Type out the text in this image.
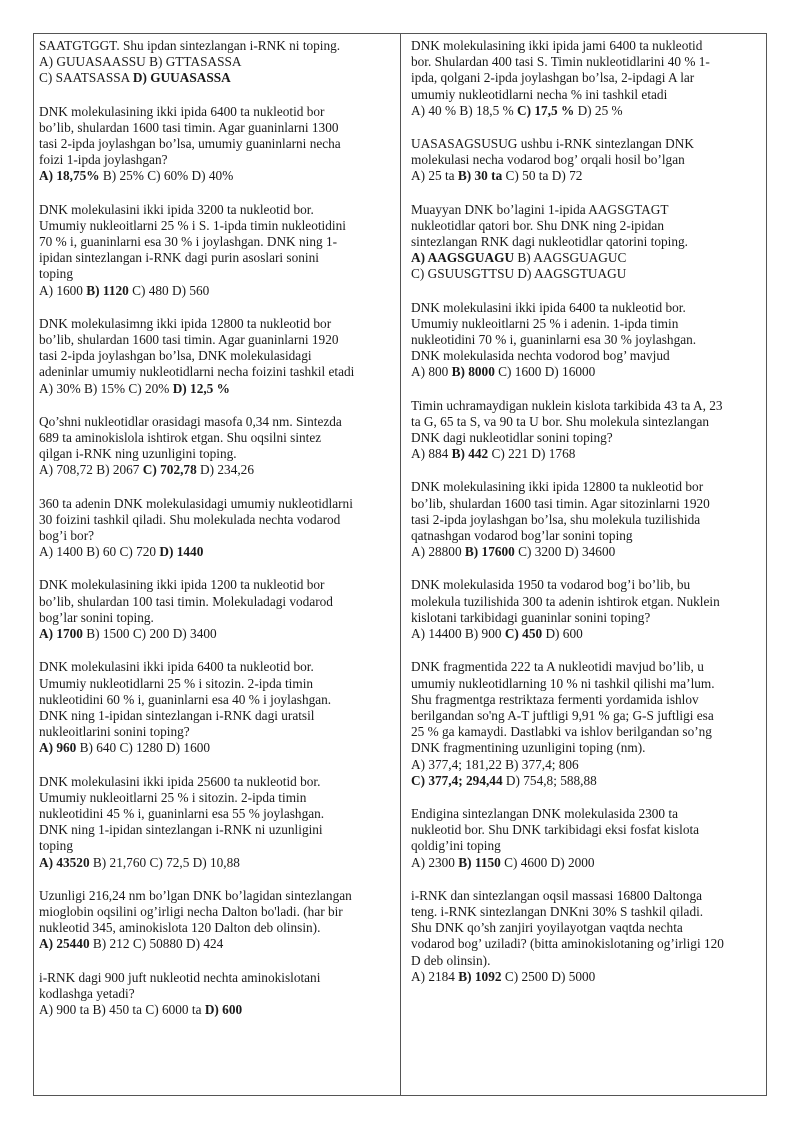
SAATGTGGT. Shu ipdan sintezlangan i-RNK ni toping.
A) GUUASAASSU B) GTTASASSA
C) SAATSASSA D) GUUASASSA
DNK molekulasining ikki ipida 6400 ta nukleotid bor
bo’lib, shulardan 1600 tasi timin. Agar guaninlarni 1300
tasi 2-ipda joylashgan bo’lsa, umumiy guaninlarni necha
foizi 1-ipda joylashgan?
A) 18,75% B) 25% C) 60% D) 40%
DNK molekulasini ikki ipida 3200 ta nukleotid bor.
Umumiy nukleoitlarni 25 % i S. 1-ipda timin nukleotidini
70 % i, guaninlarni esa 30 % i joylashgan. DNK ning 1-
ipidan sintezlangan i-RNK dagi purin asoslari sonini
toping
A) 1600 B) 1120 C) 480 D) 560
DNK molekulasimng ikki ipida 12800 ta nukleotid bor
bo’lib, shulardan 1600 tasi timin. Agar guaninlarni 1920
tasi 2-ipda joylashgan bo’lsa, DNK molekulasidagi
adeninlar umumiy nukleotidlarni necha foizini tashkil etadi
A) 30% B) 15% C) 20% D) 12,5 %
Qo’shni nukleotidlar orasidagi masofa 0,34 nm. Sintezda
689 ta aminokislola ishtirok etgan. Shu oqsilni sintez
qilgan i-RNK ning uzunligini toping.
A) 708,72 B) 2067 C) 702,78 D) 234,26
360 ta adenin DNK molekulasidagi umumiy nukleotidlarni
30 foizini tashkil qiladi. Shu molekulada nechta vodarod
bog’i bor?
A) 1400 B) 60 C) 720 D) 1440
DNK molekulasining ikki ipida 1200 ta nukleotid bor
bo’lib, shulardan 100 tasi timin. Molekuladagi vodarod
bog’lar sonini toping.
A) 1700 B) 1500 C) 200 D) 3400
DNK molekulasini ikki ipida 6400 ta nukleotid bor.
Umumiy nukleotidlarni 25 % i sitozin. 2-ipda timin
nukleotidini 60 % i, guaninlarni esa 40 % i joylashgan.
DNK ning 1-ipidan sintezlangan i-RNK dagi uratsil
nukleoitlarini sonini toping?
A) 960 B) 640 C) 1280 D) 1600
DNK molekulasini ikki ipida 25600 ta nukleotid bor.
Umumiy nukleoitlarni 25 % i sitozin. 2-ipda timin
nukleotidini 45 % i, guaninlarni esa 55 % joylashgan.
DNK ning 1-ipidan sintezlangan i-RNK ni uzunligini
toping
A) 43520 B) 21,760 C) 72,5 D) 10,88
Uzunligi 216,24 nm bo’lgan DNK bo’lagidan sintezlangan
mioglobin oqsilini og’irligi necha Dalton bo'ladi. (har bir
nukleotid 345, aminokislota 120 Dalton deb olinsin).
A) 25440 B) 212 C) 50880 D) 424
i-RNK dagi 900 juft nukleotid nechta aminokislotani
kodlashga yetadi?
A) 900 ta B) 450 ta C) 6000 ta D) 600
DNK molekulasining ikki ipida jami 6400 ta nukleotid
bor. Shulardan 400 tasi S. Timin nukleotidlarini 40 % 1-
ipda, qolgani 2-ipda joylashgan bo’lsa, 2-ipdagi A lar
umumiy nukleotidlarni necha % ini tashkil etadi
A) 40 % B) 18,5 % C) 17,5 % D) 25 %
UASASAGSUSUG ushbu i-RNK sintezlangan DNK
molekulasi necha vodarod bog’ orqali hosil bo’lgan
A) 25 ta B) 30 ta C) 50 ta D) 72
Muayyan DNK bo’lagini 1-ipida AAGSGTAGT
nukleotidlar qatori bor. Shu DNK ning 2-ipidan
sintezlangan RNK dagi nukleotidlar qatorini toping.
A) AAGSGUAGU B) AAGSGUAGUC
C) GSUUSGTTSU D) AAGSGTUAGU
DNK molekulasini ikki ipida 6400 ta nukleotid bor.
Umumiy nukleoitlarni 25 % i adenin. 1-ipda timin
nukleotidini 70 % i, guaninlarni esa 30 % joylashgan.
DNK molekulasida nechta vodorod bog’ mavjud
A) 800 B) 8000 C) 1600 D) 16000
Timin uchramaydigan nuklein kislota tarkibida 43 ta A, 23
ta G, 65 ta S, va 90 ta U bor. Shu molekula sintezlangan
DNK dagi nukleotidlar sonini toping?
A) 884 B) 442 C) 221 D) 1768
DNK molekulasining ikki ipida 12800 ta nukleotid bor
bo’lib, shulardan 1600 tasi timin. Agar sitozinlarni 1920
tasi 2-ipda joylashgan bo’lsa, shu molekula tuzilishida
qatnashgan vodarod bog’lar sonini toping
A) 28800 B) 17600 C) 3200 D) 34600
DNK molekulasida 1950 ta vodarod bog’i bo’lib, bu
molekula tuzilishida 300 ta adenin ishtirok etgan. Nuklein
kislotani tarkibidagi guaninlar sonini toping?
A) 14400 B) 900 C) 450 D) 600
DNK fragmentida 222 ta A nukleotidi mavjud bo’lib, u
umumiy nukleotidlarning 10 % ni tashkil qilishi ma’lum.
Shu fragmentga restriktaza fermenti yordamida ishlov
berilgandan so'ng A-T juftligi 9,91 % ga; G-S juftligi esa
25 % ga kamaydi. Dastlabki va ishlov berilgandan so’ng
DNK fragmentining uzunligini toping (nm).
A) 377,4; 181,22 B) 377,4; 806
C) 377,4; 294,44 D) 754,8; 588,88
Endigina sintezlangan DNK molekulasida 2300 ta
nukleotid bor. Shu DNK tarkibidagi eksi fosfat kislota
qoldig’ini toping
A) 2300 B) 1150 C) 4600 D) 2000
i-RNK dan sintezlangan oqsil massasi 16800 Daltonga
teng. i-RNK sintezlangan DNKni 30% S tashkil qiladi.
Shu DNK qo’sh zanjiri yoyilayotgan vaqtda nechta
vodarod bog’ uziladi? (bitta aminokislotaning og’irligi 120
D deb olinsin).
A) 2184 B) 1092 C) 2500 D) 5000
